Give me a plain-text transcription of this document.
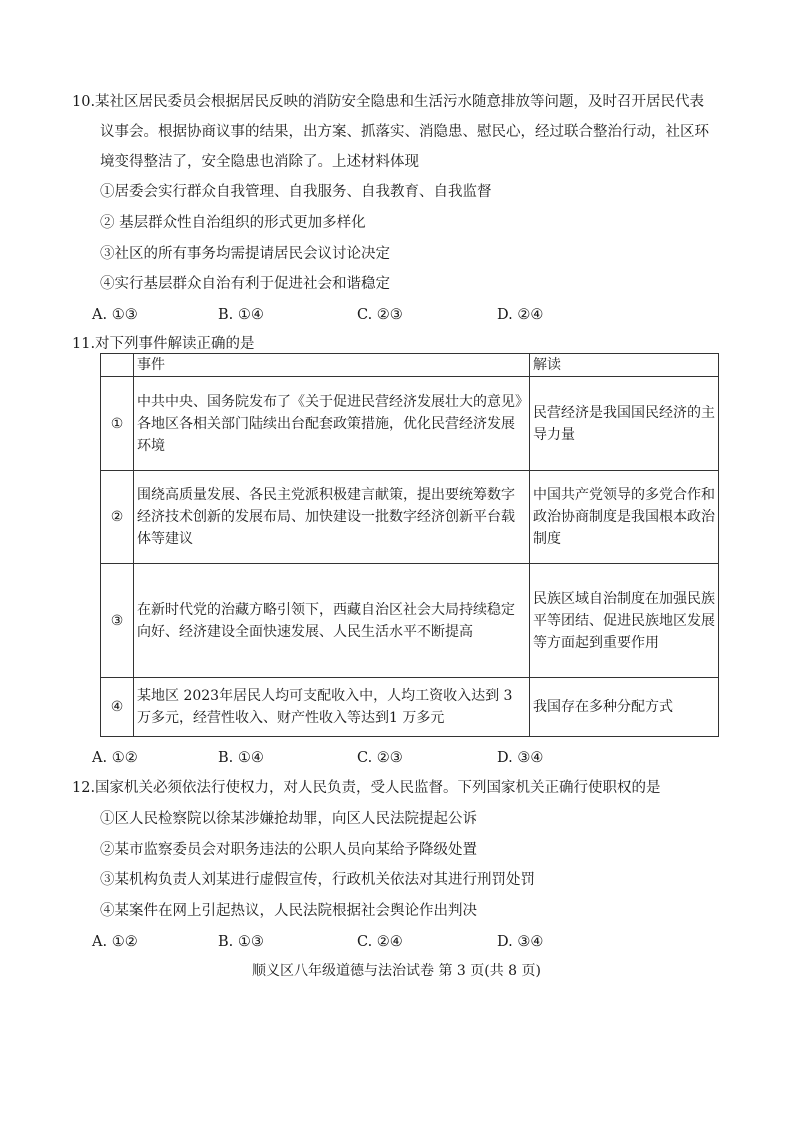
10.某社区居民委员会根据居民反映的消防安全隐患和生活污水随意排放等问题，及时召开居民代表
议事会。根据协商议事的结果，出方案、抓落实、消隐患、慰民心，经过联合整治行动，社区环
境变得整洁了，安全隐患也消除了。上述材料体现
①居委会实行群众自我管理、自我服务、自我教育、自我监督
② 基层群众性自治组织的形式更加多样化
③社区的所有事务均需提请居民会议讨论决定
④实行基层群众自治有利于促进社会和谐稳定
A. ①③	B. ①④	C. ②③	D. ②④
11.对下列事件解读正确的是
	事件	解读
①	中共中央、国务院发布了《关于促进民营经济发展壮大的意见》各地区各相关部门陆续出台配套政策措施，优化民营经济发展环境	民营经济是我国国民经济的主导力量
②	围绕高质量发展、各民主党派积极建言献策，提出要统筹数字经济技术创新的发展布局、加快建设一批数字经济创新平台载体等建议	中国共产党领导的多党合作和政治协商制度是我国根本政治制度
③	在新时代党的治藏方略引领下，西藏自治区社会大局持续稳定向好、经济建设全面快速发展、人民生活水平不断提高	民族区域自治制度在加强民族平等团结、促进民族地区发展等方面起到重要作用
④	某地区 2023年居民人均可支配收入中，人均工资收入达到 3 万多元，经营性收入、财产性收入等达到1 万多元	我国存在多种分配方式
A. ①②	B. ①④	C. ②③	D. ③④
12.国家机关必须依法行使权力，对人民负责，受人民监督。下列国家机关正确行使职权的是
①区人民检察院以徐某涉嫌抢劫罪，向区人民法院提起公诉
②某市监察委员会对职务违法的公职人员向某给予降级处置
③某机构负责人刘某进行虚假宣传，行政机关依法对其进行刑罚处罚
④某案件在网上引起热议，人民法院根据社会舆论作出判决
A. ①②	B. ①③	C. ②④	D. ③④
顺义区八年级道德与法治试卷 第 3 页(共 8 页)
